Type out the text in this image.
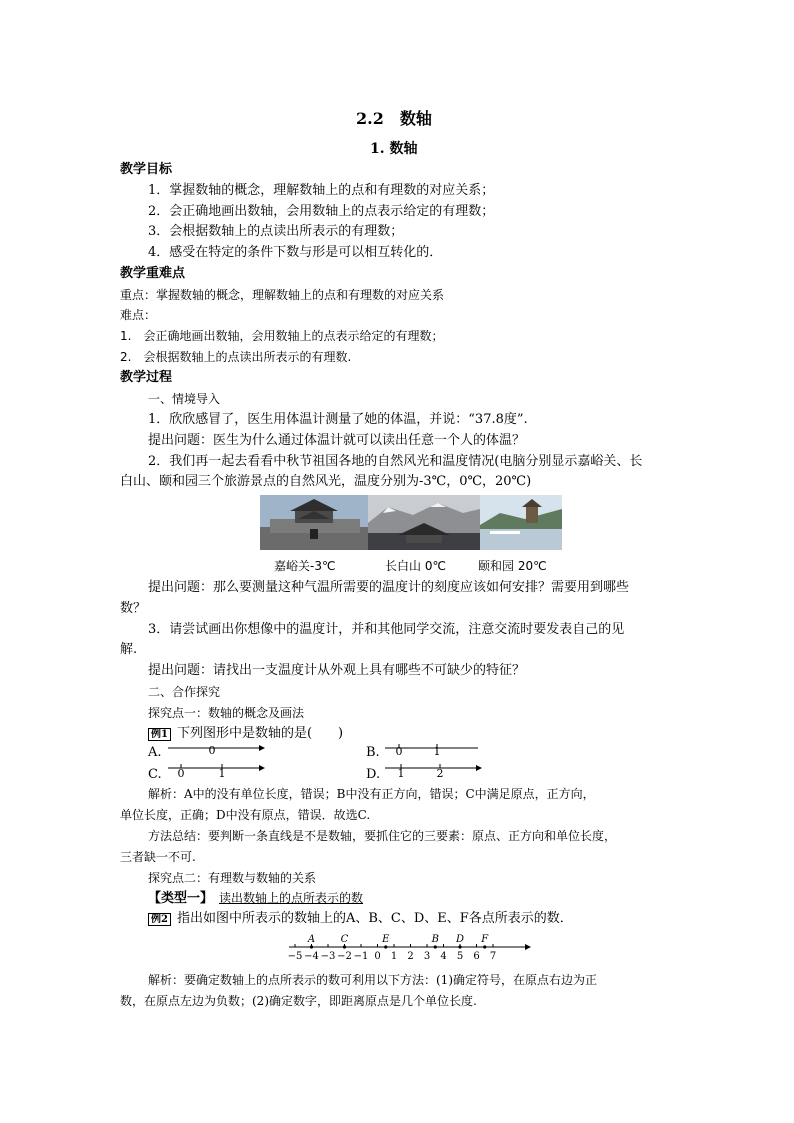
2.2　数轴
1. 数轴
教学目标
1．掌握数轴的概念，理解数轴上的点和有理数的对应关系；
2．会正确地画出数轴，会用数轴上的点表示给定的有理数；
3．会根据数轴上的点读出所表示的有理数；
4．感受在特定的条件下数与形是可以相互转化的．
教学重难点
重点：掌握数轴的概念，理解数轴上的点和有理数的对应关系
难点：
1.　会正确地画出数轴，会用数轴上的点表示给定的有理数；
2.　会根据数轴上的点读出所表示的有理数.
教学过程
一、情境导入
1．欣欣感冒了，医生用体温计测量了她的体温，并说：“37.8度”.
提出问题：医生为什么通过体温计就可以读出任意一个人的体温？
2．我们再一起去看看中秋节祖国各地的自然风光和温度情况(电脑分别显示嘉峪关、长
白山、颐和园三个旅游景点的自然风光，温度分别为-3℃，0℃，20℃)
嘉峪关-3℃	长白山 0℃	颐和园 20℃
提出问题：那么要测量这种气温所需要的温度计的刻度应该如何安排？需要用到哪些
数？
3．请尝试画出你想像中的温度计，并和其他同学交流，注意交流时要发表自己的见
解.
提出问题：请找出一支温度计从外观上具有哪些不可缺少的特征？
二、合作探究
探究点一：数轴的概念及画法
例1 下列图形中是数轴的是(　　)
A.
C.
B.
D.
0	0	1
0	1	1	2
解析：A中的没有单位长度，错误；B中没有正方向，错误；C中满足原点，正方向，
单位长度，正确；D中没有原点，错误．故选C.
方法总结：要判断一条直线是不是数轴，要抓住它的三要素：原点、正方向和单位长度，
三者缺一不可.
探究点二：有理数与数轴的关系
【类型一】 读出数轴上的点所表示的数
例2 指出如图中所表示的数轴上的A、B、C、D、E、F各点所表示的数．
−5 −4 −3 −2 −1 0 1 2 3 4 5 6 7
A	C	E	B D F
解析：要确定数轴上的点所表示的数可利用以下方法：(1)确定符号，在原点右边为正
数，在原点左边为负数；(2)确定数字，即距离原点是几个单位长度.
